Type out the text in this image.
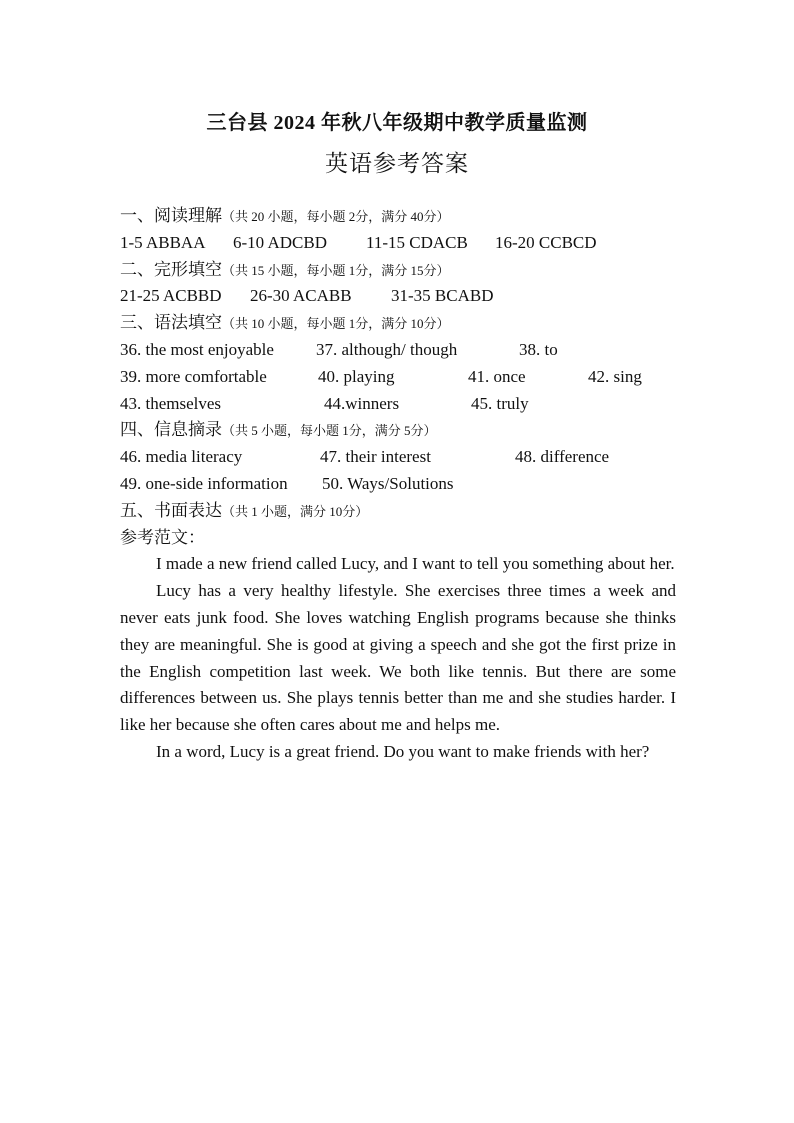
三台县 2024 年秋八年级期中教学质量监测
英语参考答案
一、阅读理解（共 20 小题，每小题 2分，满分 40分）
1-5 ABBAA 6-10 ADCBD 11-15 CDACB 16-20 CCBCD
二、完形填空（共 15 小题，每小题 1分，满分 15分）
21-25 ACBBD 26-30 ACABB 31-35 BCABD
三、语法填空（共 10 小题，每小题 1分，满分 10分）
36. the most enjoyable 37. although/ though	38. to
39. more comfortable	40. playing	41. once	42. sing
43. themselves	44.winners	45. truly
四、信息摘录（共 5 小题，每小题 1分，满分 5分）
46. media literacy	47. their interest	48. difference
49. one-side information 50. Ways/Solutions
五、书面表达（共 1 小题，满分 10分）
参考范文：

I made a new friend called Lucy, and I want to tell you something about her.

Lucy has a very healthy lifestyle. She exercises three times a week and never eats junk food. She loves watching English programs because she thinks they are meaningful. She is good at giving a speech and she got the first prize in the English competition last week. We both like tennis. But there are some differences between us. She plays tennis better than me and she studies harder. I like her because she often cares about me and helps me.

In a word, Lucy is a great friend. Do you want to make friends with her?
